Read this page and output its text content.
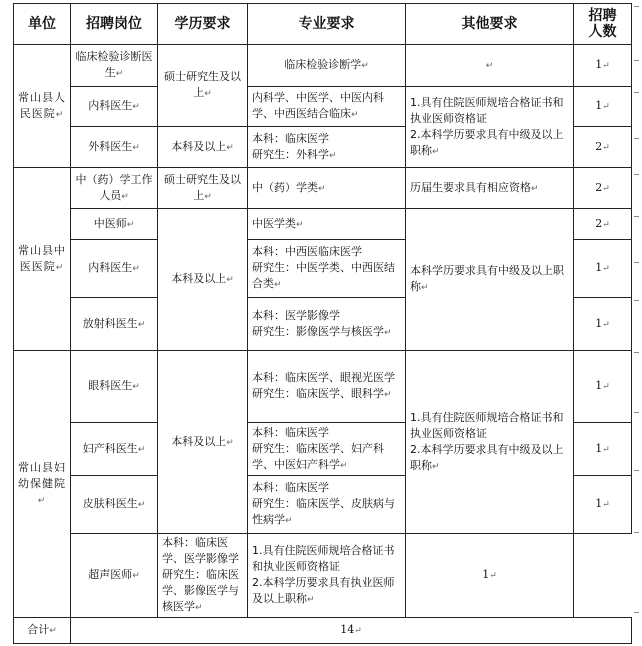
单位	招聘岗位	学历要求	专业要求	其他要求	招聘
人数

常山县人民医院↵	临床检验诊断医生↵	硕士研究生及以上↵	临床检验诊断学↵	↵	1↵
	内科医生↵		内科学、中医学、中医内科学、中西医结合临床↵	1.具有住院医师规培合格证书和执业医师资格证
2.本科学历要求具有中级及以上职称↵	1↵
	外科医生↵	本科及以上↵	本科：临床医学
研究生：外科学↵		2↵
常山县中医医院↵	中（药）学工作人员↵	硕士研究生及以上↵	中（药）学类↵	历届生要求具有相应资格↵	2↵
	中医师↵	本科及以上↵	中医学类↵	本科学历要求具有中级及以上职称↵	2↵
	内科医生↵		本科：中西医临床医学
研究生：中医学类、中西医结合类↵		1↵
	放射科医生↵		本科：医学影像学
研究生：影像医学与核医学↵		1↵
常山县妇幼保健院↵	眼科医生↵	本科及以上↵	本科：临床医学、眼视光医学
研究生：临床医学、眼科学↵	1.具有住院医师规培合格证书和执业医师资格证
2.本科学历要求具有中级及以上职称↵	1↵
	妇产科医生↵		本科：临床医学
研究生：临床医学、妇产科学、中医妇产科学↵		1↵
	皮肤科医生↵		本科：临床医学
研究生：临床医学、皮肤病与性病学↵		1↵
	超声医师↵	本科：临床医学、医学影像学
研究生：临床医学、影像医学与核医学↵	1.具有住院医师规培合格证书和执业医师资格证
2.本科学历要求具有执业医师及以上职称↵	1↵	
合计↵	14↵				
